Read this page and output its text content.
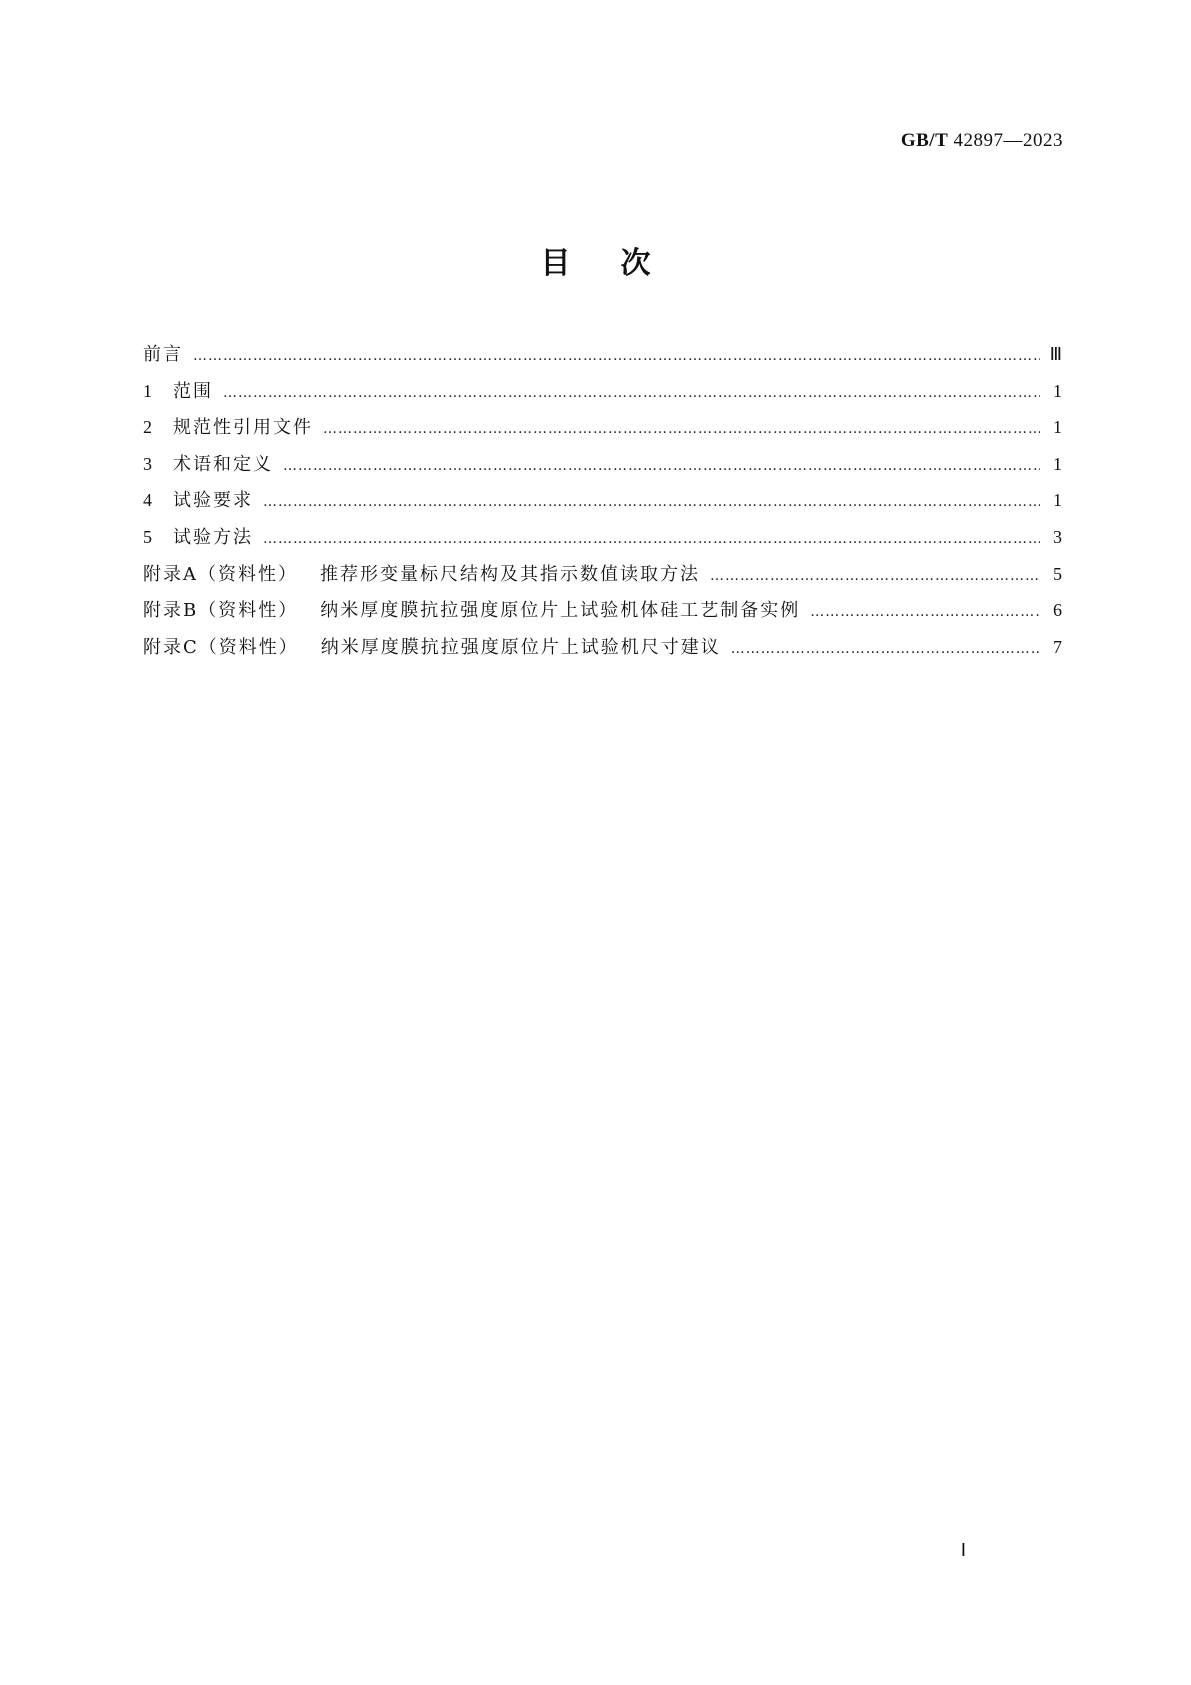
GB/T 42897—2023
目次
前言 …………………………………………………………………………………………………………………………………………………………………………………………………………	Ⅲ
1 范围 …………………………………………………………………………………………………………………………………………………………………………………………………………	1
2 规范性引用文件 …………………………………………………………………………………………………………………………………………………………………………………………………………	1
3 术语和定义 …………………………………………………………………………………………………………………………………………………………………………………………………………	1
4 试验要求 …………………………………………………………………………………………………………………………………………………………………………………………………………	1
5 试验方法 …………………………………………………………………………………………………………………………………………………………………………………………………………	3
附录A（资料性） 推荐形变量标尺结构及其指示数值读取方法 …………………………………………………………………………………………………………………………………………………………………………………………………………	5
附录B（资料性） 纳米厚度膜抗拉强度原位片上试验机体硅工艺制备实例 …………………………………………………………………………………………………………………………………………………………………………………………………………	6
附录C（资料性） 纳米厚度膜抗拉强度原位片上试验机尺寸建议 …………………………………………………………………………………………………………………………………………………………………………………………………………	7
Ⅰ
